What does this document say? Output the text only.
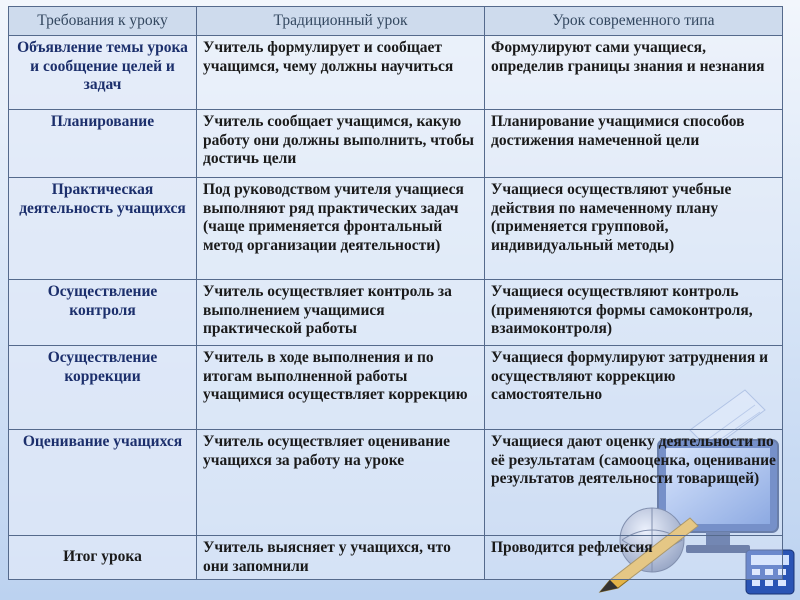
Требования к уроку	Традиционный урок	Урок современного типа
Объявление темы урока и сообщение целей и задач	Учитель формулирует и сообщает учащимся, чему должны научиться	Формулируют сами учащиеся, определив границы знания и незнания
Планирование	Учитель сообщает учащимся, какую работу они должны выполнить, чтобы достичь цели	Планирование учащимися способов достижения намеченной цели
Практическая деятельность учащихся	Под руководством учителя учащиеся выполняют ряд практических задач (чаще применяется фронтальный метод организации деятельности)	Учащиеся осуществляют учебные действия по намеченному плану (применяется групповой, индивидуальный методы)
Осуществление контроля	Учитель осуществляет контроль за выполнением учащимися практической работы	Учащиеся осуществляют контроль (применяются формы самоконтроля, взаимоконтроля)
Осуществление коррекции	Учитель в ходе выполнения и по итогам выполненной работы учащимися осуществляет коррекцию	Учащиеся формулируют затруднения и осуществляют коррекцию самостоятельно
Оценивание учащихся	Учитель осуществляет оценивание учащихся за работу на уроке	Учащиеся дают оценку деятельности по её результатам (самооценка, оценивание результатов деятельности товарищей)
Итог урока	Учитель выясняет у учащихся, что они запомнили	Проводится рефлексия
